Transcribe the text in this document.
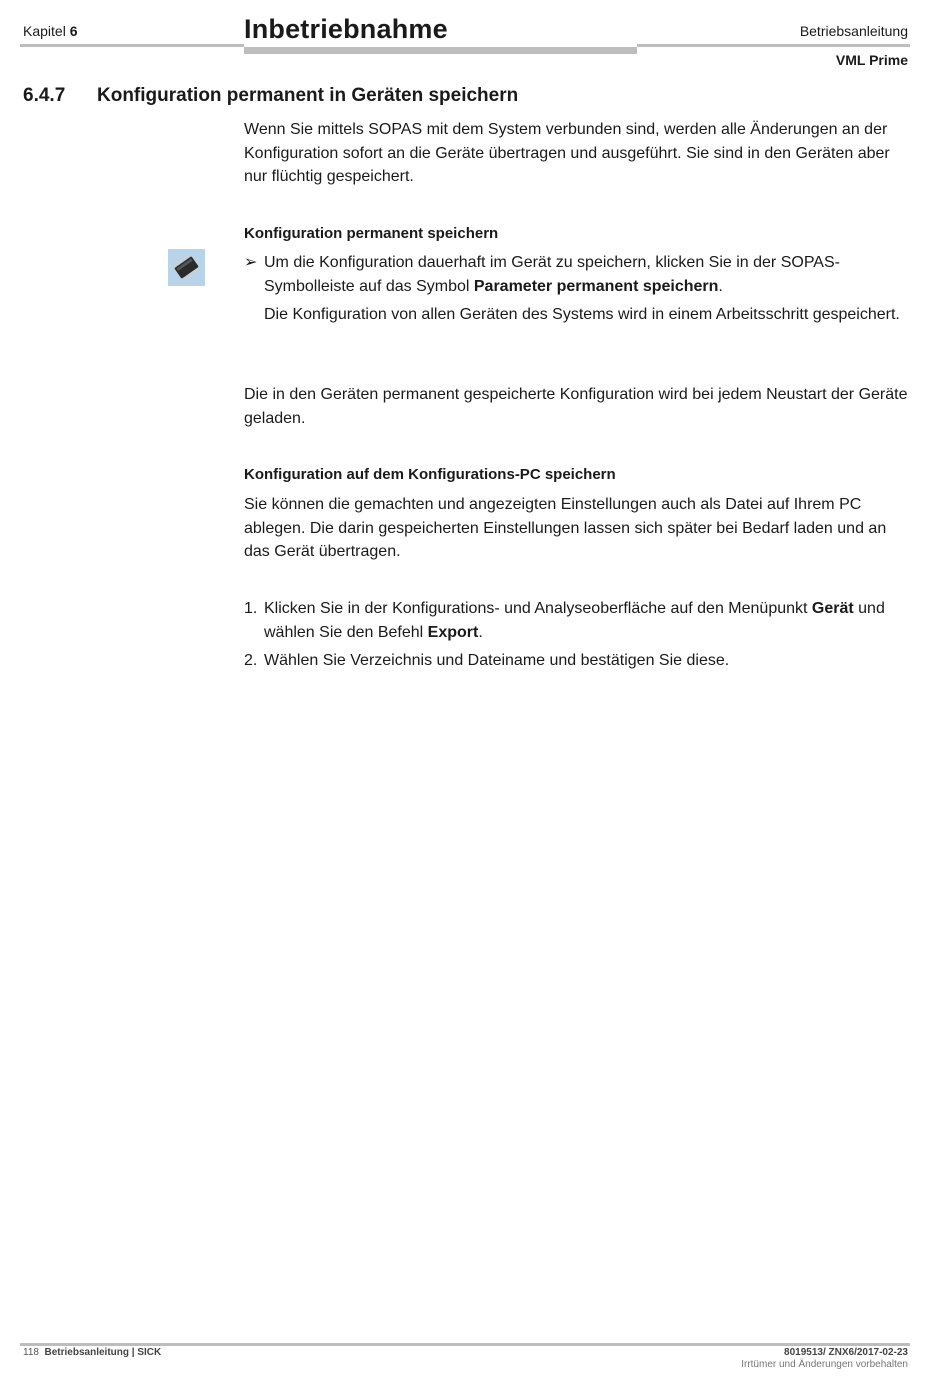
Kapitel 6	Inbetriebnahme	Betriebsanleitung
VML Prime
6.4.7 Konfiguration permanent in Geräten speichern
Wenn Sie mittels SOPAS mit dem System verbunden sind, werden alle Änderungen an der Konfiguration sofort an die Geräte übertragen und ausgeführt. Sie sind in den Geräten aber nur flüchtig gespeichert.
Konfiguration permanent speichern
➢ Um die Konfiguration dauerhaft im Gerät zu speichern, klicken Sie in der SOPAS-Symbolleiste auf das Symbol Parameter permanent speichern.
Die Konfiguration von allen Geräten des Systems wird in einem Arbeitsschritt gespeichert.
Die in den Geräten permanent gespeicherte Konfiguration wird bei jedem Neustart der Geräte geladen.
Konfiguration auf dem Konfigurations-PC speichern
Sie können die gemachten und angezeigten Einstellungen auch als Datei auf Ihrem PC ablegen. Die darin gespeicherten Einstellungen lassen sich später bei Bedarf laden und an das Gerät übertragen.
1. Klicken Sie in der Konfigurations- und Analyseoberfläche auf den Menüpunkt Gerät und wählen Sie den Befehl Export.
2. Wählen Sie Verzeichnis und Dateiname und bestätigen Sie diese.
118 Betriebsanleitung | SICK	8019513/ ZNX6/2017-02-23
Irrtümer und Änderungen vorbehalten
